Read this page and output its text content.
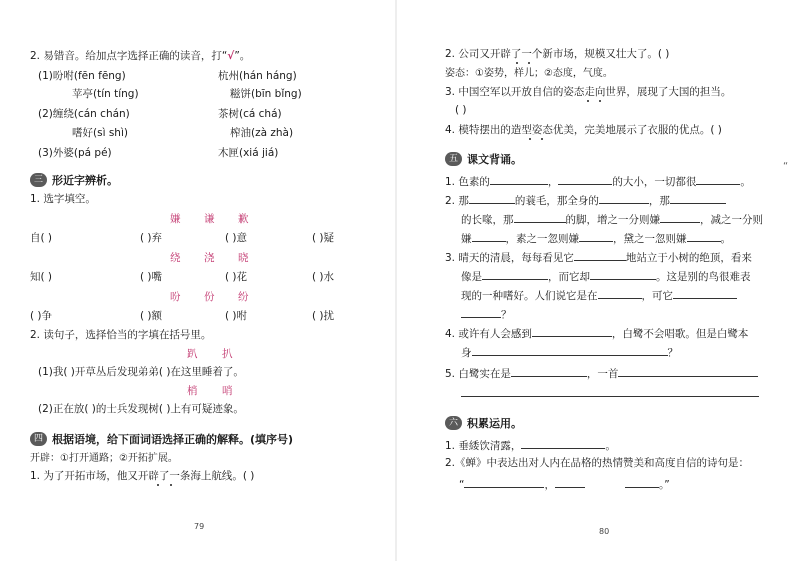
2. 易错音。给加点字选择正确的读音，打“√”。
(1)吩咐(fēn fēng)	杭州(hán háng)
苹亭(tín tíng)	糍饼(bīn bǐng)
(2)缠绕(cán chán)	茶树(cá chá)
嗜好(sì shì)	榨油(zà zhà)
(3)外婆(pá pé)	木匣(xiá jiá)
三 形近字辨析。
1. 选字填空。
嫌 谦 歉
自( )	( )弃	( )意	( )疑
绕 浇 晓
知( )	( )嘴	( )花	( )水
吩 份 纷
( )争	( )额	( )咐	( )扰
2. 读句子，选择恰当的字填在括号里。
趴 扒
(1)我( )开草丛后发现弟弟( )在这里睡着了。
梢 哨
(2)正在放( )的士兵发现树( )上有可疑迹象。
四 根据语境，给下面词语选择正确的解释。(填序号)
开辟：①打开通路；②开拓扩展。
1. 为了开拓市场，他又开辟了一条海上航线。( )
79
2. 公司又开辟了一个新市场，规模又壮大了。( )
姿态：①姿势，样儿；②态度，气度。
3. 中国空军以开放自信的姿态走向世界，展现了大国的担当。
( )
4. 模特摆出的造型姿态优美，完美地展示了衣服的优点。( )
五 课文背诵。
1. 色素的	，	的大小，一切都很	。
2. 那	的蓑毛，那全身的	，那
的长喙，那	的脚，增之一分则嫌	，减之一分则
嫌	，素之一忽则嫌	，黛之一忽则嫌	。
3. 晴天的清晨，每每看见它	地站立于小树的绝顶，看来
像是	，而它却	。这是别的鸟很难表
现的一种嗜好。人们说它是在	，可它
？
4. 或许有人会感到	，白鹭不会唱歌。但是白鹭本
身	？
5. 白鹭实在是	，一首
六 积累运用。
1. 垂緌饮清露，	。
2.《蝉》中表达出对人内在品格的热情赞美和高度自信的诗句是：
“	，	。”
80
“
